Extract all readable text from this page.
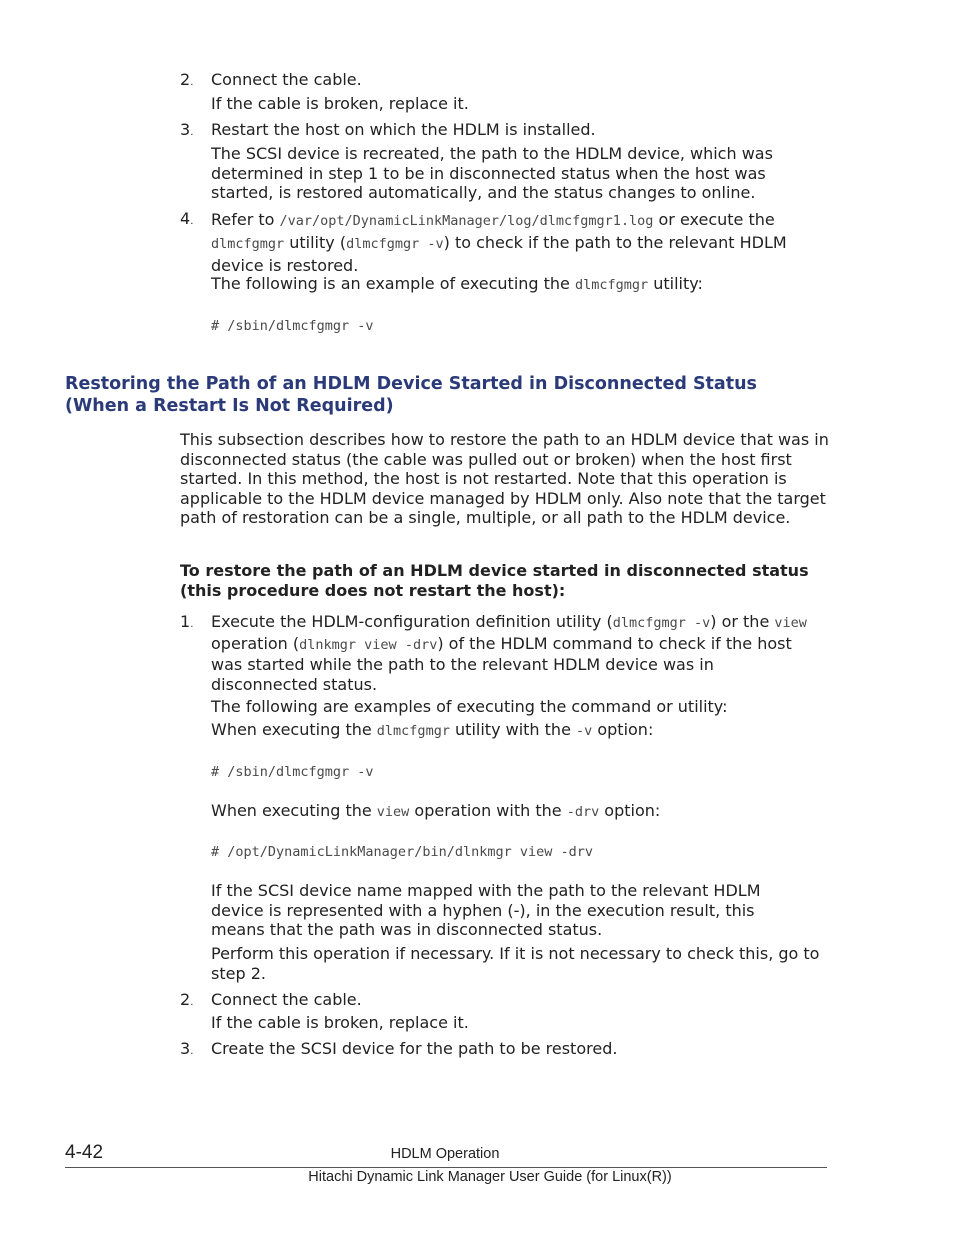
2.	Connect the cable.

If the cable is broken, replace it.

3.	Restart the host on which the HDLM is installed.

The SCSI device is recreated, the path to the HDLM device, which was determined in step 1 to be in disconnected status when the host was started, is restored automatically, and the status changes to online.

4.	Refer to /var/opt/DynamicLinkManager/log/dlmcfgmgr1.log or execute the dlmcfgmgr utility (dlmcfgmgr -v) to check if the path to the relevant HDLM device is restored.

The following is an example of executing the dlmcfgmgr utility:

# /sbin/dlmcfgmgr -v
Restoring the Path of an HDLM Device Started in Disconnected Status (When a Restart Is Not Required)

This subsection describes how to restore the path to an HDLM device that was in disconnected status (the cable was pulled out or broken) when the host first started. In this method, the host is not restarted. Note that this operation is applicable to the HDLM device managed by HDLM only. Also note that the target path of restoration can be a single, multiple, or all path to the HDLM device.

To restore the path of an HDLM device started in disconnected status (this procedure does not restart the host):

1.	Execute the HDLM-configuration definition utility (dlmcfgmgr -v) or the view operation (dlnkmgr view -drv) of the HDLM command to check if the host was started while the path to the relevant HDLM device was in disconnected status.

The following are examples of executing the command or utility:

When executing the dlmcfgmgr utility with the -v option:

# /sbin/dlmcfgmgr -v

When executing the view operation with the -drv option:

# /opt/DynamicLinkManager/bin/dlnkmgr view -drv

If the SCSI device name mapped with the path to the relevant HDLM device is represented with a hyphen (-), in the execution result, this means that the path was in disconnected status.

Perform this operation if necessary. If it is not necessary to check this, go to step 2.

2.	Connect the cable.

If the cable is broken, replace it.

3.	Create the SCSI device for the path to be restored.

4-42	HDLM Operation
Hitachi Dynamic Link Manager User Guide (for Linux(R))
